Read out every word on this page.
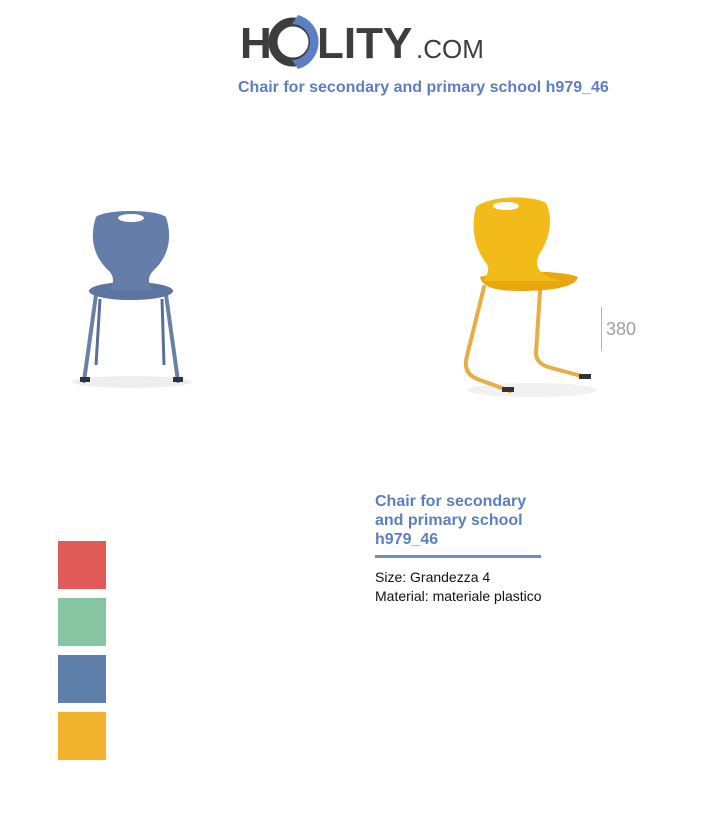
H LITY .COM
Chair for secondary and primary school h979_46
380
Chair for secondary and primary school h979_46
Size: Grandezza 4
Material: materiale plastico
